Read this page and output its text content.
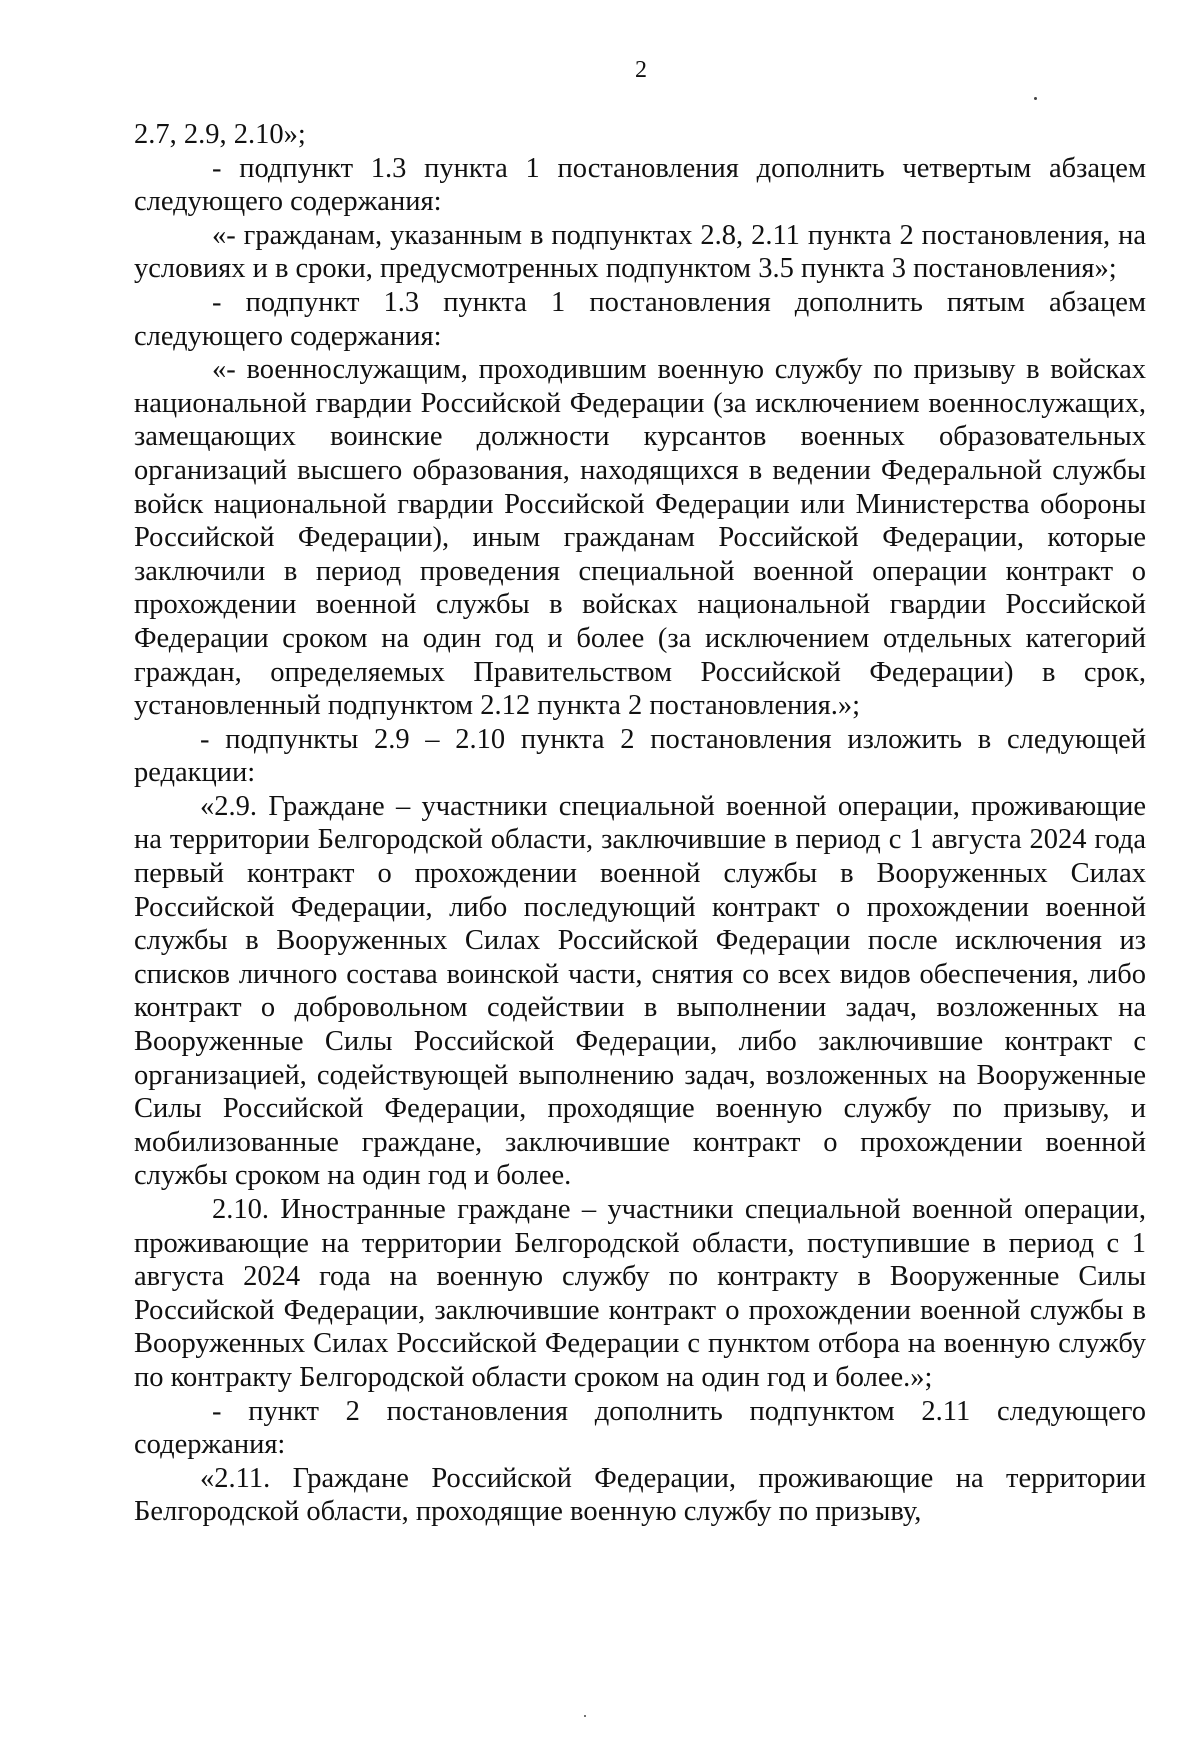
2

2.7, 2.9, 2.10»;

- подпункт 1.3 пункта 1 постановления дополнить четвертым абзацем следующего содержания:

«- гражданам, указанным в подпунктах 2.8, 2.11 пункта 2 постановления, на условиях и в сроки, предусмотренных подпунктом 3.5 пункта 3 постановления»;

- подпункт 1.3 пункта 1 постановления дополнить пятым абзацем следующего содержания:

«- военнослужащим, проходившим военную службу по призыву в войсках национальной гвардии Российской Федерации (за исключением военнослужащих, замещающих воинские должности курсантов военных образовательных организаций высшего образования, находящихся в ведении Федеральной службы войск национальной гвардии Российской Федерации или Министерства обороны Российской Федерации), иным гражданам Российской Федерации, которые заключили в период проведения специальной военной операции контракт о прохождении военной службы в войсках национальной гвардии Российской Федерации сроком на один год и более (за исключением отдельных категорий граждан, определяемых Правительством Российской Федерации) в срок, установленный подпунктом 2.12 пункта 2 постановления.»;

- подпункты 2.9 – 2.10 пункта 2 постановления изложить в следующей редакции:

«2.9. Граждане – участники специальной военной операции, проживающие на территории Белгородской области, заключившие в период с 1 августа 2024 года первый контракт о прохождении военной службы в Вооруженных Силах Российской Федерации, либо последующий контракт о прохождении военной службы в Вооруженных Силах Российской Федерации после исключения из списков личного состава воинской части, снятия со всех видов обеспечения, либо контракт о добровольном содействии в выполнении задач, возложенных на Вооруженные Силы Российской Федерации, либо заключившие контракт с организацией, содействующей выполнению задач, возложенных на Вооруженные Силы Российской Федерации, проходящие военную службу по призыву, и мобилизованные граждане, заключившие контракт о прохождении военной службы сроком на один год и более.

2.10. Иностранные граждане – участники специальной военной операции, проживающие на территории Белгородской области, поступившие в период с 1 августа 2024 года на военную службу по контракту в Вооруженные Силы Российской Федерации, заключившие контракт о прохождении военной службы в Вооруженных Силах Российской Федерации с пунктом отбора на военную службу по контракту Белгородской области сроком на один год и более.»;

- пункт 2 постановления дополнить подпунктом 2.11 следующего содержания:

«2.11. Граждане Российской Федерации, проживающие на территории Белгородской области, проходящие военную службу по призыву,
